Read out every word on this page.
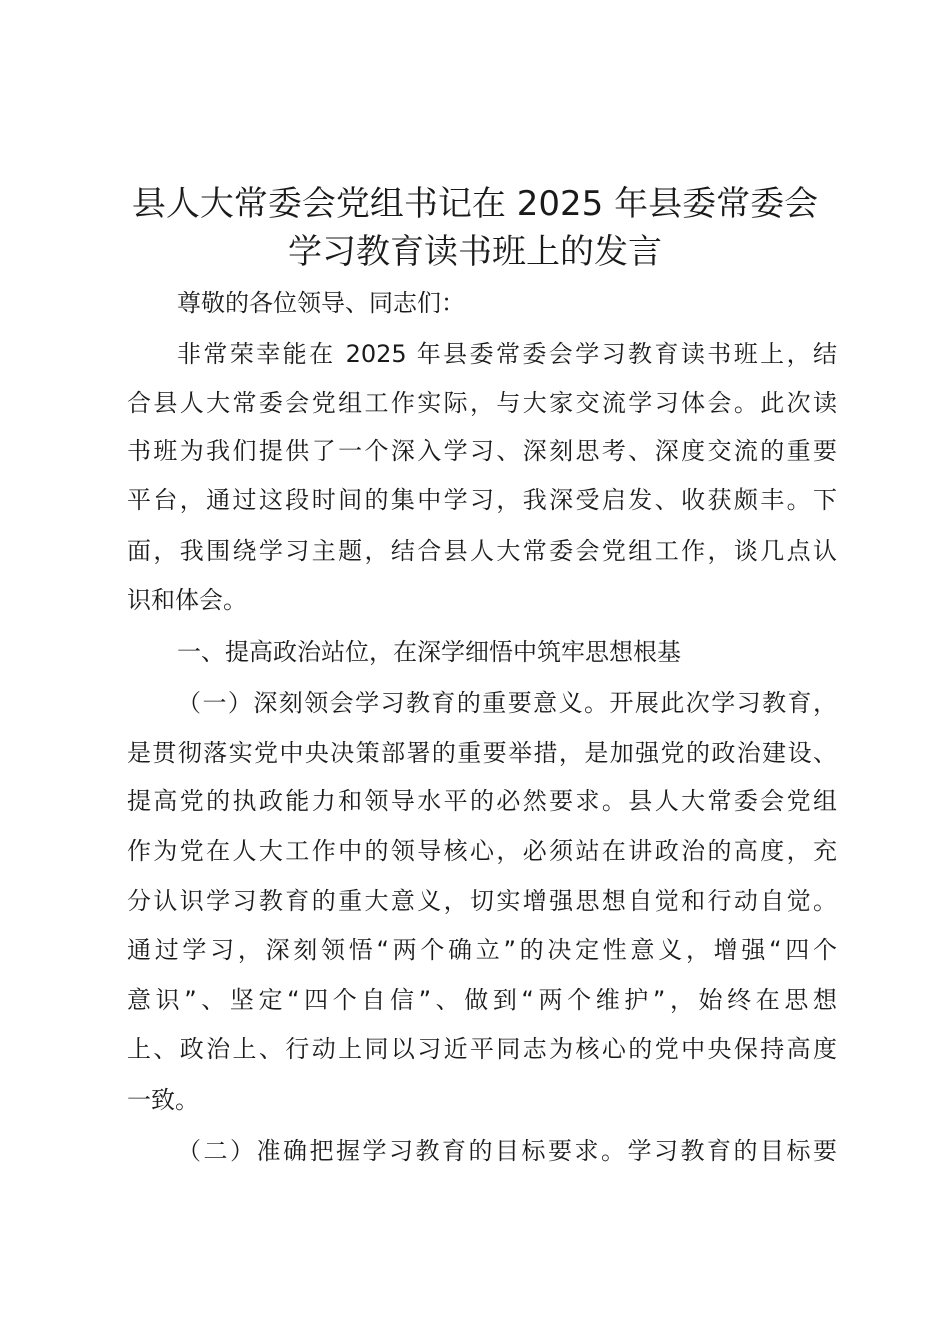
县人大常委会党组书记在 2025 年县委常委会
学习教育读书班上的发言

尊敬的各位领导、同志们：

非常荣幸能在 2025 年县委常委会学习教育读书班上，结

合县人大常委会党组工作实际，与大家交流学习体会。此次读

书班为我们提供了一个深入学习、深刻思考、深度交流的重要

平台，通过这段时间的集中学习，我深受启发、收获颇丰。下

面，我围绕学习主题，结合县人大常委会党组工作，谈几点认

识和体会。

一、提高政治站位，在深学细悟中筑牢思想根基

（一）深刻领会学习教育的重要意义。开展此次学习教育，

是贯彻落实党中央决策部署的重要举措，是加强党的政治建设、

提高党的执政能力和领导水平的必然要求。县人大常委会党组

作为党在人大工作中的领导核心，必须站在讲政治的高度，充

分认识学习教育的重大意义，切实增强思想自觉和行动自觉。

通过学习，深刻领悟“两个确立”的决定性意义，增强“四个

意识”、坚定“四个自信”、做到“两个维护”，始终在思想

上、政治上、行动上同以习近平同志为核心的党中央保持高度

一致。

（二）准确把握学习教育的目标要求。学习教育的目标要
